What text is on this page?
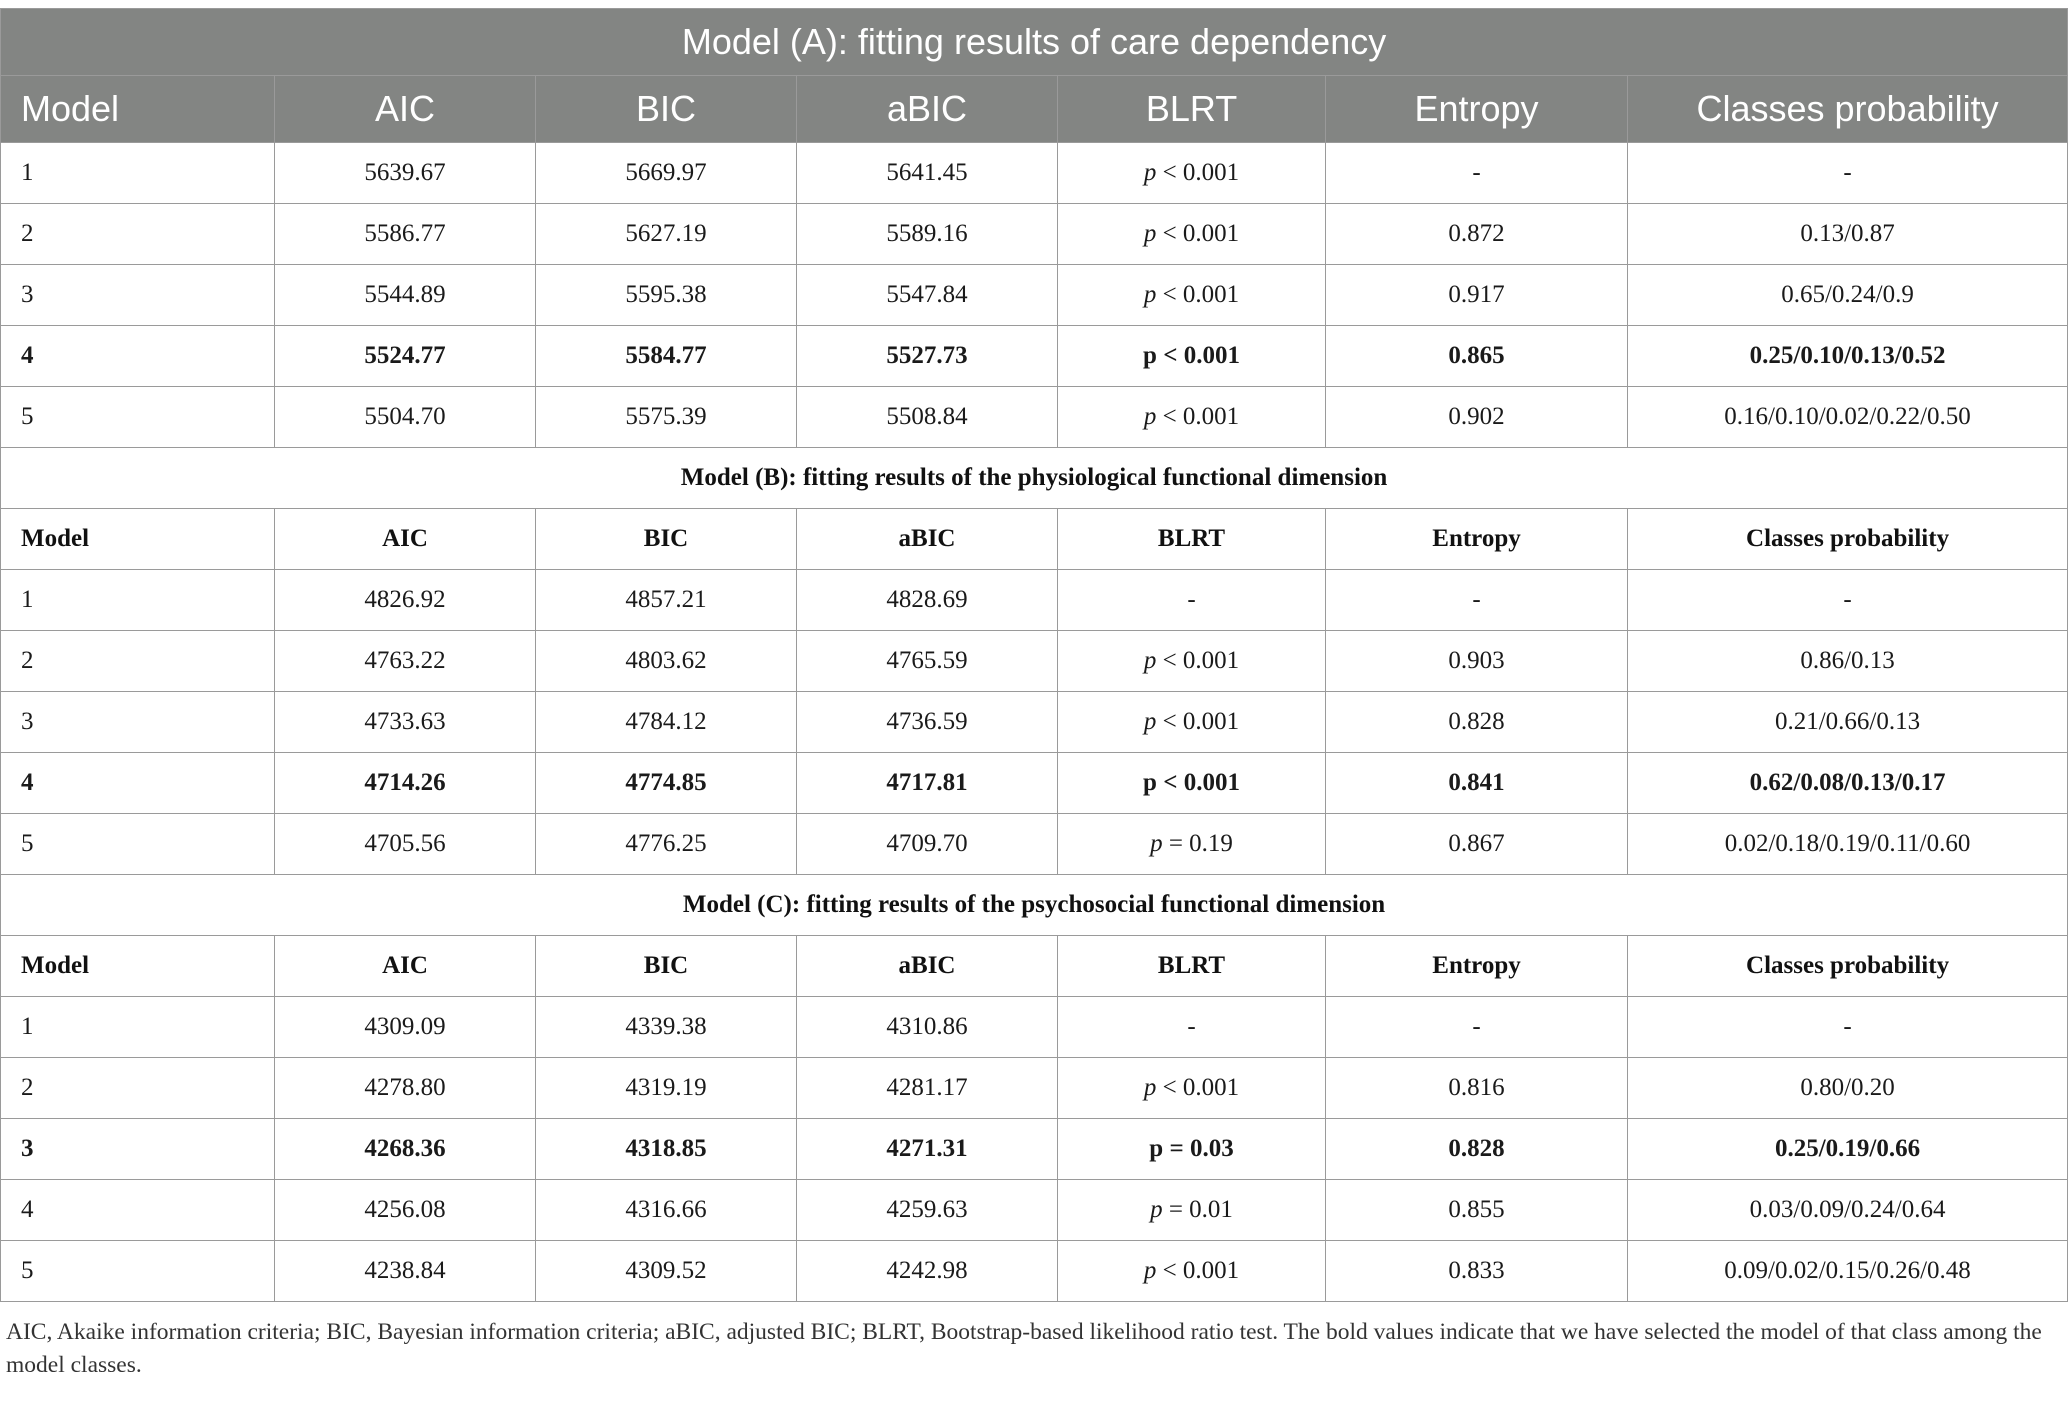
Model (A): fitting results of care dependency						
Model	AIC	BIC	aBIC	BLRT	Entropy	Classes probability
1	5639.67	5669.97	5641.45	p < 0.001	-	-
2	5586.77	5627.19	5589.16	p < 0.001	0.872	0.13/0.87
3	5544.89	5595.38	5547.84	p < 0.001	0.917	0.65/0.24/0.9
4	5524.77	5584.77	5527.73	p < 0.001	0.865	0.25/0.10/0.13/0.52
5	5504.70	5575.39	5508.84	p < 0.001	0.902	0.16/0.10/0.02/0.22/0.50
Model (B): fitting results of the physiological functional dimension						
Model	AIC	BIC	aBIC	BLRT	Entropy	Classes probability
1	4826.92	4857.21	4828.69	-	-	-
2	4763.22	4803.62	4765.59	p < 0.001	0.903	0.86/0.13
3	4733.63	4784.12	4736.59	p < 0.001	0.828	0.21/0.66/0.13
4	4714.26	4774.85	4717.81	p < 0.001	0.841	0.62/0.08/0.13/0.17
5	4705.56	4776.25	4709.70	p = 0.19	0.867	0.02/0.18/0.19/0.11/0.60
Model (C): fitting results of the psychosocial functional dimension						
Model	AIC	BIC	aBIC	BLRT	Entropy	Classes probability
1	4309.09	4339.38	4310.86	-	-	-
2	4278.80	4319.19	4281.17	p < 0.001	0.816	0.80/0.20
3	4268.36	4318.85	4271.31	p = 0.03	0.828	0.25/0.19/0.66
4	4256.08	4316.66	4259.63	p = 0.01	0.855	0.03/0.09/0.24/0.64
5	4238.84	4309.52	4242.98	p < 0.001	0.833	0.09/0.02/0.15/0.26/0.48
AIC, Akaike information criteria; BIC, Bayesian information criteria; aBIC, adjusted BIC; BLRT, Bootstrap-based likelihood ratio test. The bold values indicate that we have selected the model of that class among the model classes.
